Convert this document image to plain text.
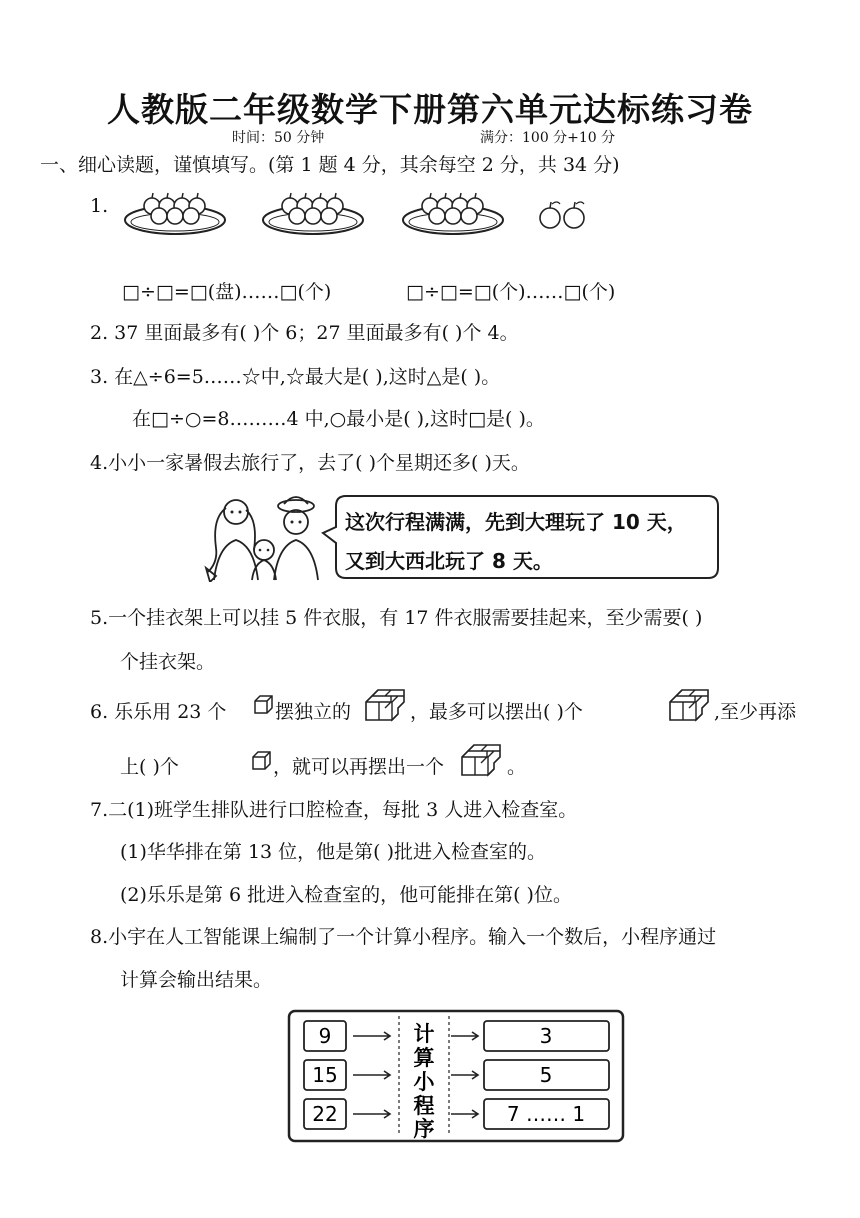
人教版二年级数学下册第六单元达标练习卷
时间：50 分钟	满分：100 分+10 分
一、细心读题，谨慎填写。(第 1 题 4 分，其余每空 2 分，共 34 分)
1.
□÷□=□(盘)……□(个)	□÷□=□(个)……□(个)
2. 37 里面最多有( )个 6；27 里面最多有( )个 4。
3. 在△÷6=5……☆中,☆最大是( ),这时△是( )。
在□÷○=8………4 中,○最小是( ),这时□是( )。
4.小小一家暑假去旅行了，去了( )个星期还多( )天。
这次行程满满，先到大理玩了 10 天，
又到大西北玩了 8 天。
5.一个挂衣架上可以挂 5 件衣服，有 17 件衣服需要挂起来，至少需要( )
个挂衣架。
6. 乐乐用 23 个	摆独立的	，最多可以摆出( )个	,至少再添
上( )个	，就可以再摆出一个	。
7.二(1)班学生排队进行口腔检查，每批 3 人进入检查室。
(1)华华排在第 13 位，他是第( )批进入检查室的。
(2)乐乐是第 6 批进入检查室的，他可能排在第( )位。
8.小宇在人工智能课上编制了一个计算小程序。输入一个数后，小程序通过
计算会输出结果。
9	3
15	5
22	7 …… 1
计
算
小
程
序
